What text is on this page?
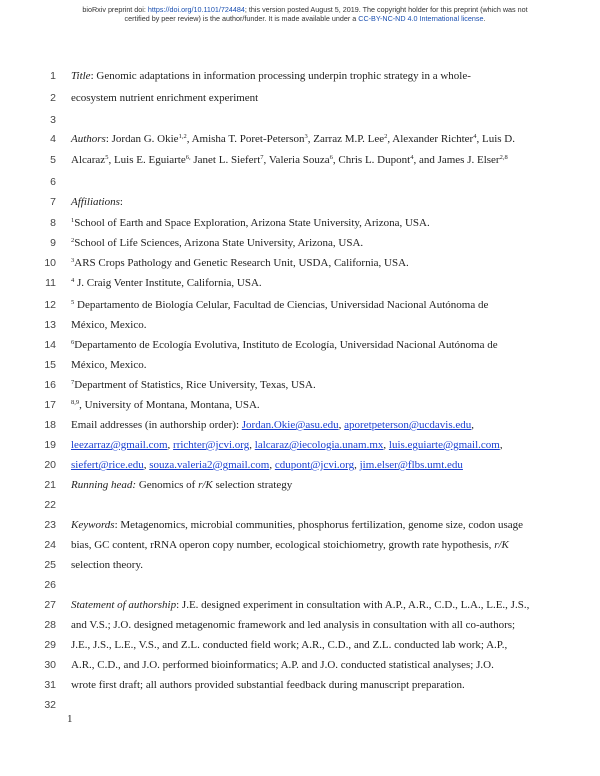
bioRxiv preprint doi: https://doi.org/10.1101/724484; this version posted August 5, 2019. The copyright holder for this preprint (which was not
certified by peer review) is the author/funder. It is made available under a CC-BY-NC-ND 4.0 International license.
1 Title: Genomic adaptations in information processing underpin trophic strategy in a whole-
2 ecosystem nutrient enrichment experiment
3
4 Authors: Jordan G. Okie$^{1,2}$, Amisha T. Poret-Peterson$^3$, Zarraz M.P. Lee$^2$, Alexander Richter$^4$, Luis D.
5 Alcaraz$^5$, Luis E. Eguiarte$^{6,}$ Janet L. Siefert$^7$, Valeria Souza$^6$, Chris L. Dupont$^4$, and James J. Elser$^{2,8}$
6
7 Affiliations:
8 $^1$School of Earth and Space Exploration, Arizona State University, Arizona, USA.
9 $^2$School of Life Sciences, Arizona State University, Arizona, USA.
10 $^3$ARS Crops Pathology and Genetic Research Unit, USDA, California, USA.
11 $^4$ J. Craig Venter Institute, California, USA.
12 $^5$ Departamento de Biología Celular, Facultad de Ciencias, Universidad Nacional Autónoma de
13 México, Mexico.
14 $^6$Departamento de Ecología Evolutiva, Instituto de Ecología, Universidad Nacional Autónoma de
15 México, Mexico.
16 $^7$Department of Statistics, Rice University, Texas, USA.
17 $^{8,9}$, University of Montana, Montana, USA.
18 Email addresses (in authorship order): Jordan.Okie@asu.edu, aporetpeterson@ucdavis.edu,
19 leezarraz@gmail.com, rrichter@jcvi.org, lalcaraz@iecologia.unam.mx, luis.eguiarte@gmail.com,
20 siefert@rice.edu, souza.valeria2@gmail.com, cdupont@jcvi.org, jim.elser@flbs.umt.edu
21 Running head: Genomics of r/K selection strategy
22
23 Keywords: Metagenomics, microbial communities, phosphorus fertilization, genome size, codon usage
24 bias, GC content, rRNA operon copy number, ecological stoichiometry, growth rate hypothesis, r/K
25 selection theory.
26
27 Statement of authorship: J.E. designed experiment in consultation with A.P., A.R., C.D., L.A., L.E., J.S.,
28 and V.S.; J.O. designed metagenomic framework and led analysis in consultation with all co-authors;
29 J.E., J.S., L.E., V.S., and Z.L. conducted field work; A.R., C.D., and Z.L. conducted lab work; A.P.,
30 A.R., C.D., and J.O. performed bioinformatics; A.P. and J.O. conducted statistical analyses; J.O.
31 wrote first draft; all authors provided substantial feedback during manuscript preparation.
32
1
